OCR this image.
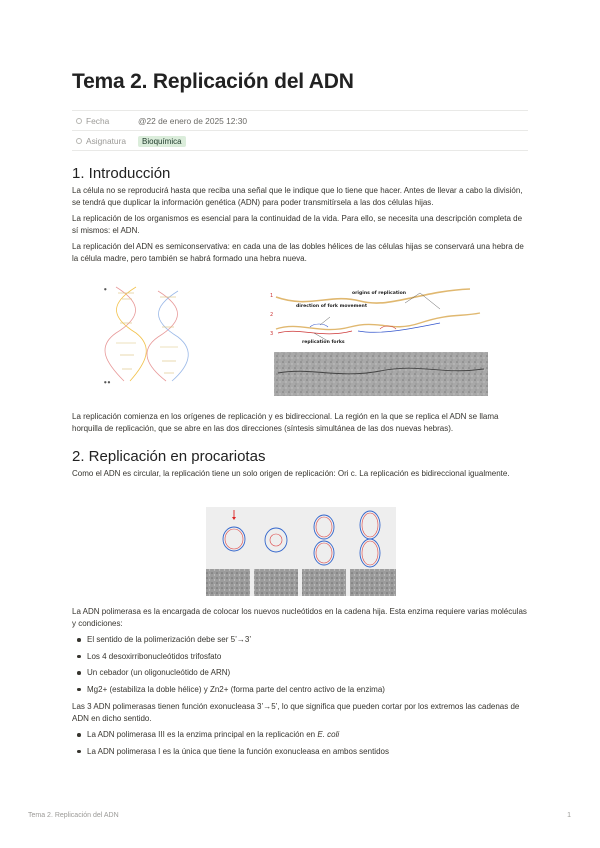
Tema 2. Replicación del ADN
Fecha	@22 de enero de 2025 12:30
Asignatura	Bioquímica
1. Introducción

La célula no se reproducirá hasta que reciba una señal que le indique que lo tiene que hacer. Antes de llevar a cabo la división, se tendrá que duplicar la información genética (ADN) para poder transmitírsela a las dos células hijas.

La replicación de los organismos es esencial para la continuidad de la vida. Para ello, se necesita una descripción completa de sí mismos: el ADN.

La replicación del ADN es semiconservativa: en cada una de las dobles hélices de las células hijas se conservará una hebra de la célula madre, pero también se habrá formado una hebra nueva.

●
● ●
1
2
3
origins of replication
direction of fork movement
replication forks

La replicación comienza en los orígenes de replicación y es bidireccional. La región en la que se replica el ADN se llama horquilla de replicación, que se abre en las dos direcciones (síntesis simultánea de las dos nuevas hebras).

2. Replicación en procariotas

Como el ADN es circular, la replicación tiene un solo origen de replicación: Ori c. La replicación es bidireccional igualmente.

La ADN polimerasa es la encargada de colocar los nuevos nucleótidos en la cadena hija. Esta enzima requiere varias moléculas y condiciones:

El sentido de la polimerización debe ser 5’→3’
Los 4 desoxirribonucleótidos trifosfato
Un cebador (un oligonucleótido de ARN)
Mg2+ (estabiliza la doble hélice) y Zn2+ (forma parte del centro activo de la enzima)

Las 3 ADN polimerasas tienen función exonucleasa 3’→5’, lo que significa que pueden cortar por los extremos las cadenas de ADN en dicho sentido.

La ADN polimerasa III es la enzima principal en la replicación en E. coli
La ADN polimerasa I es la única que tiene la función exonucleasa en ambos sentidos
Tema 2. Replicación del ADN	1
